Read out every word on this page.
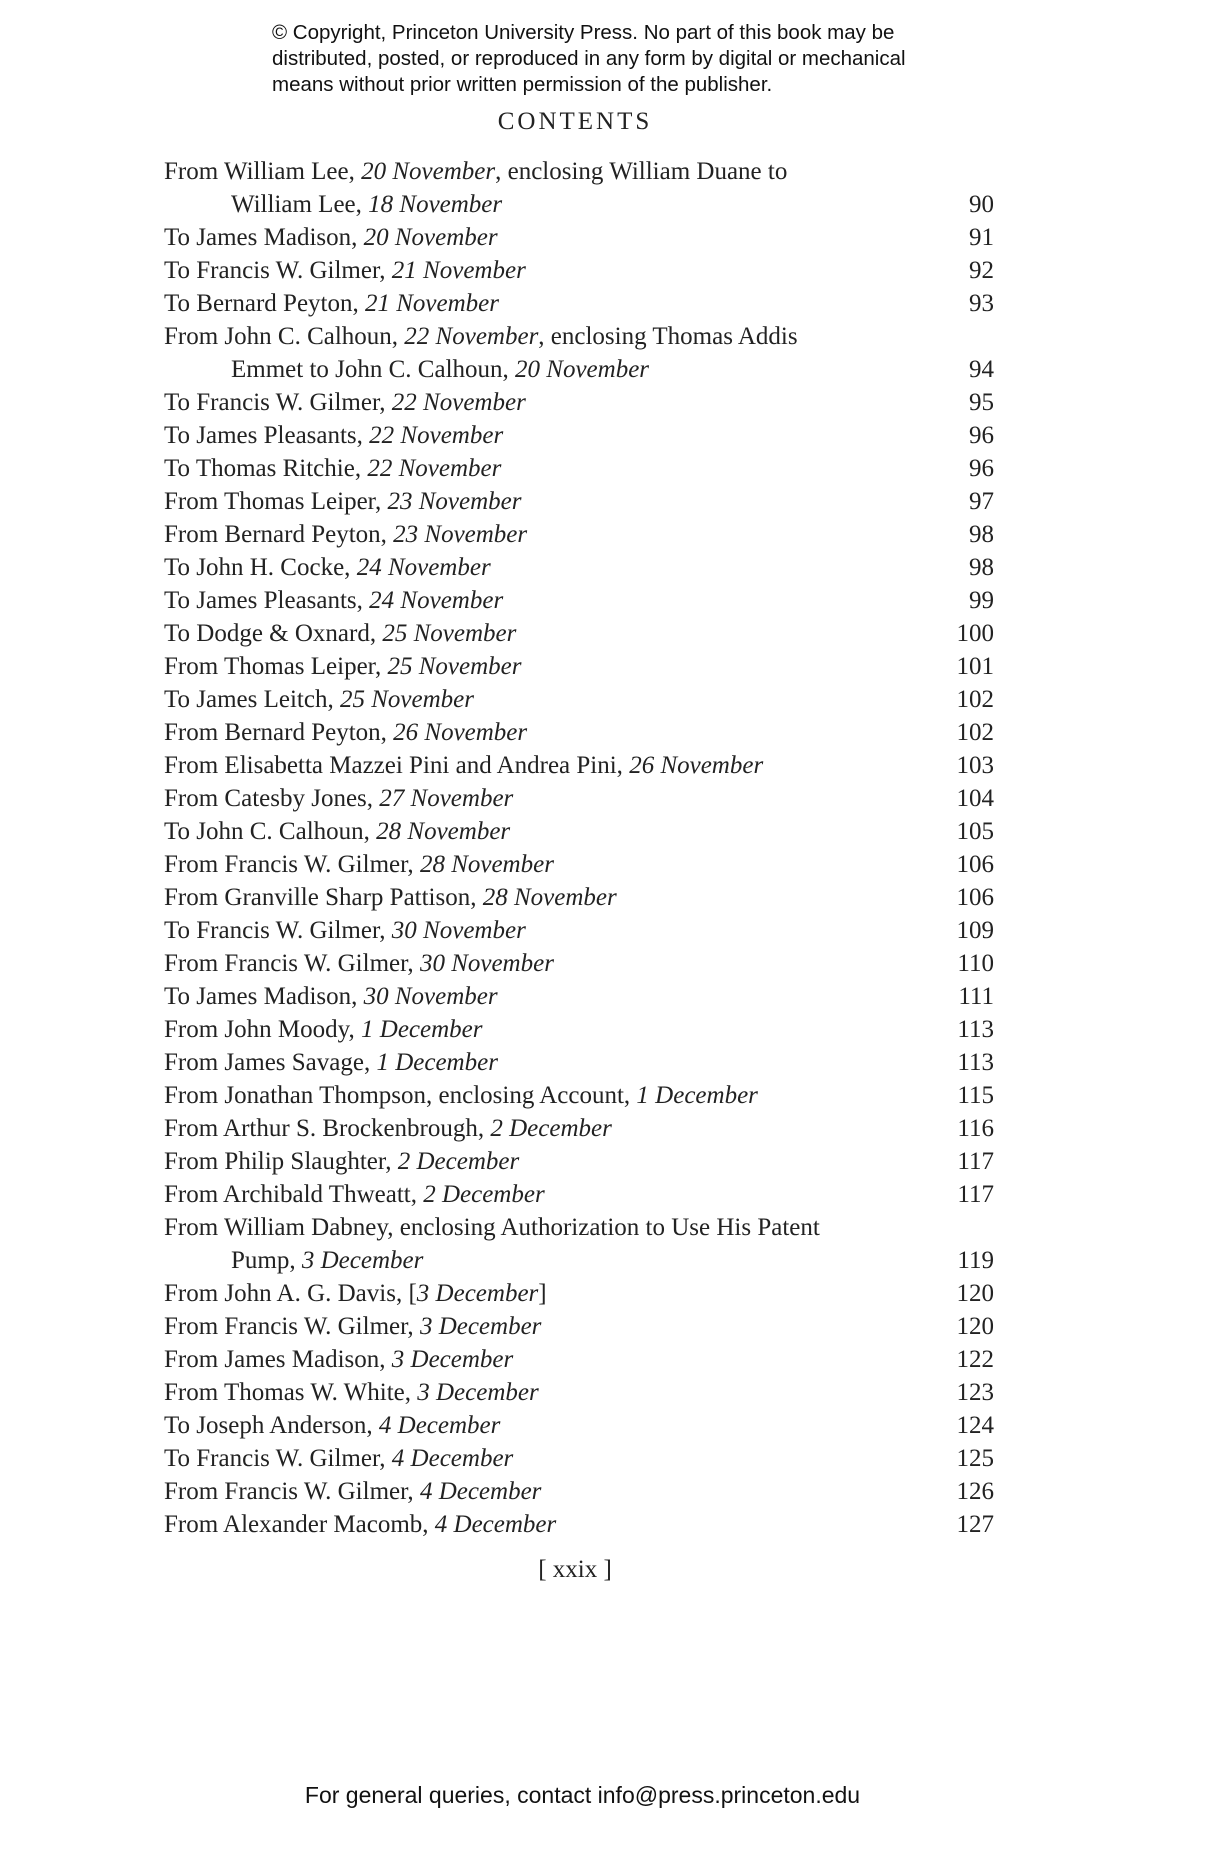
© Copyright, Princeton University Press. No part of this book may be
distributed, posted, or reproduced in any form by digital or mechanical
means without prior written permission of the publisher.
CONTENTS
From William Lee, 20 November, enclosing William Duane to
William Lee, 18 November	90
To James Madison, 20 November	91
To Francis W. Gilmer, 21 November	92
To Bernard Peyton, 21 November	93
From John C. Calhoun, 22 November, enclosing Thomas Addis
Emmet to John C. Calhoun, 20 November	94
To Francis W. Gilmer, 22 November	95
To James Pleasants, 22 November	96
To Thomas Ritchie, 22 November	96
From Thomas Leiper, 23 November	97
From Bernard Peyton, 23 November	98
To John H. Cocke, 24 November	98
To James Pleasants, 24 November	99
To Dodge & Oxnard, 25 November	100
From Thomas Leiper, 25 November	101
To James Leitch, 25 November	102
From Bernard Peyton, 26 November	102
From Elisabetta Mazzei Pini and Andrea Pini, 26 November	103
From Catesby Jones, 27 November	104
To John C. Calhoun, 28 November	105
From Francis W. Gilmer, 28 November	106
From Granville Sharp Pattison, 28 November	106
To Francis W. Gilmer, 30 November	109
From Francis W. Gilmer, 30 November	110
To James Madison, 30 November	111
From John Moody, 1 December	113
From James Savage, 1 December	113
From Jonathan Thompson, enclosing Account, 1 December	115
From Arthur S. Brockenbrough, 2 December	116
From Philip Slaughter, 2 December	117
From Archibald Thweatt, 2 December	117
From William Dabney, enclosing Authorization to Use His Patent
Pump, 3 December	119
From John A. G. Davis, [3 December]	120
From Francis W. Gilmer, 3 December	120
From James Madison, 3 December	122
From Thomas W. White, 3 December	123
To Joseph Anderson, 4 December	124
To Francis W. Gilmer, 4 December	125
From Francis W. Gilmer, 4 December	126
From Alexander Macomb, 4 December	127
[ xxix ]
For general queries, contact info@press.princeton.edu
